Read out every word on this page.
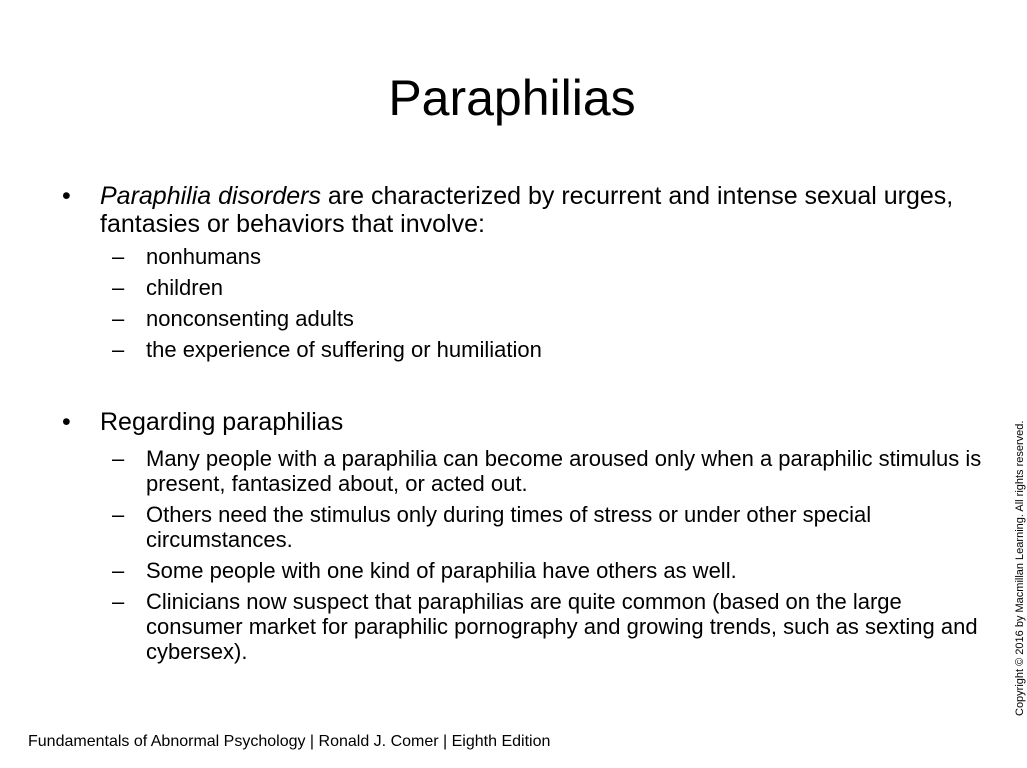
Paraphilias
• Paraphilia disorders are characterized by recurrent and intense sexual urges, fantasies or behaviors that involve:
– nonhumans
– children
– nonconsenting adults
– the experience of suffering or humiliation
• Regarding paraphilias
– Many people with a paraphilia can become aroused only when a paraphilic stimulus is present, fantasized about, or acted out.
– Others need the stimulus only during times of stress or under other special circumstances.
– Some people with one kind of paraphilia have others as well.
– Clinicians now suspect that paraphilias are quite common (based on the large consumer market for paraphilic pornography and growing trends, such as sexting and cybersex).
Fundamentals of Abnormal Psychology | Ronald J. Comer | Eighth Edition
Copyright © 2016 by Macmillan Learning. All rights reserved.
